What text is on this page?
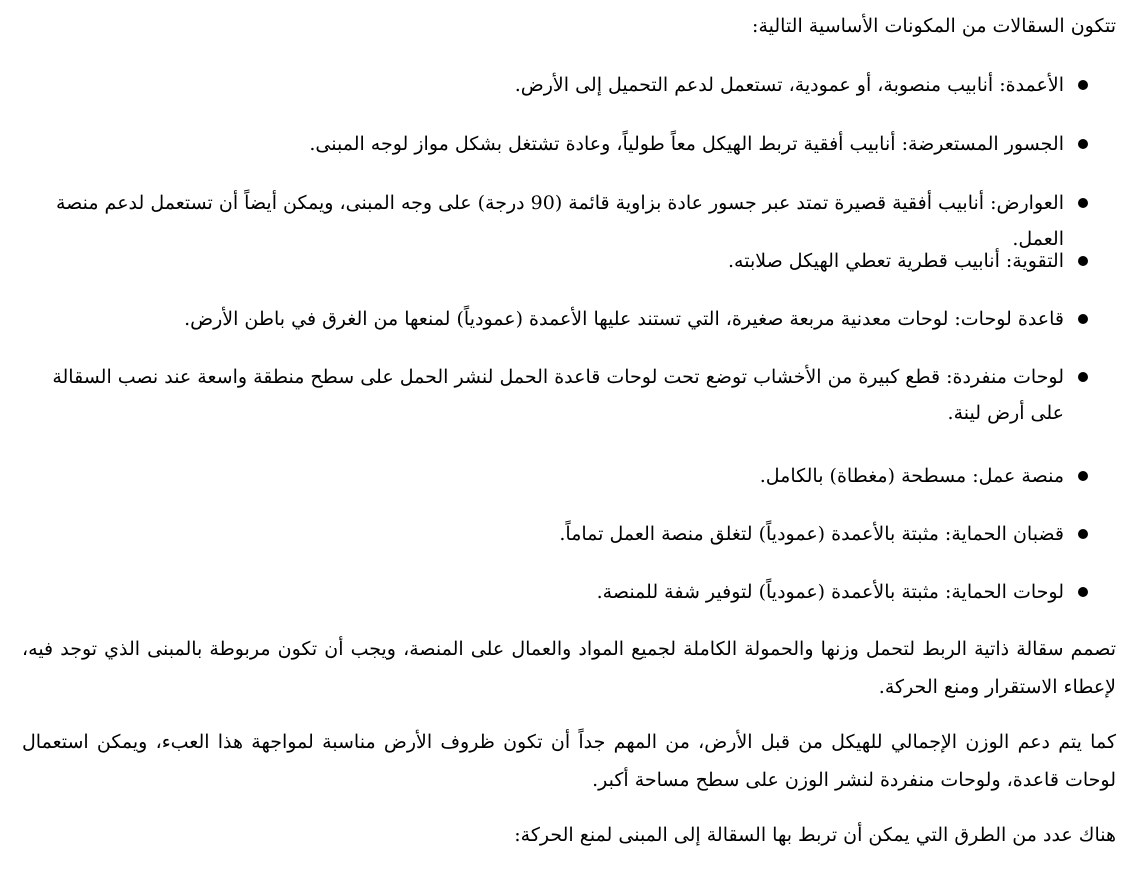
تتكون السقالات من المكونات الأساسية التالية:

الأعمدة: أنابيب منصوبة، أو عمودية، تستعمل لدعم التحميل إلى الأرض.
الجسور المستعرضة: أنابيب أفقية تربط الهيكل معاً طولياً، وعادة تشتغل بشكل مواز لوجه المبنى.
العوارض: أنابيب أفقية قصيرة تمتد عبر جسور عادة بزاوية قائمة (90 درجة) على وجه المبنى، ويمكن أيضاً أن تستعمل لدعم منصة العمل.
التقوية: أنابيب قطرية تعطي الهيكل صلابته.
قاعدة لوحات: لوحات معدنية مربعة صغيرة، التي تستند عليها الأعمدة (عمودياً) لمنعها من الغرق في باطن الأرض.
لوحات منفردة: قطع كبيرة من الأخشاب توضع تحت لوحات قاعدة الحمل لنشر الحمل على سطح منطقة واسعة عند نصب السقالة على أرض لينة.
منصة عمل: مسطحة (مغطاة) بالكامل.
قضبان الحماية: مثبتة بالأعمدة (عمودياً) لتغلق منصة العمل تماماً.
لوحات الحماية: مثبتة بالأعمدة (عمودياً) لتوفير شفة للمنصة.

تصمم سقالة ذاتية الربط لتحمل وزنها والحمولة الكاملة لجميع المواد والعمال على المنصة، ويجب أن تكون مربوطة بالمبنى الذي توجد فيه، لإعطاء الاستقرار ومنع الحركة.

كما يتم دعم الوزن الإجمالي للهيكل من قبل الأرض، من المهم جداً أن تكون ظروف الأرض مناسبة لمواجهة هذا العبء، ويمكن استعمال لوحات قاعدة، ولوحات منفردة لنشر الوزن على سطح مساحة أكبر.

هناك عدد من الطرق التي يمكن أن تربط بها السقالة إلى المبنى لمنع الحركة:
